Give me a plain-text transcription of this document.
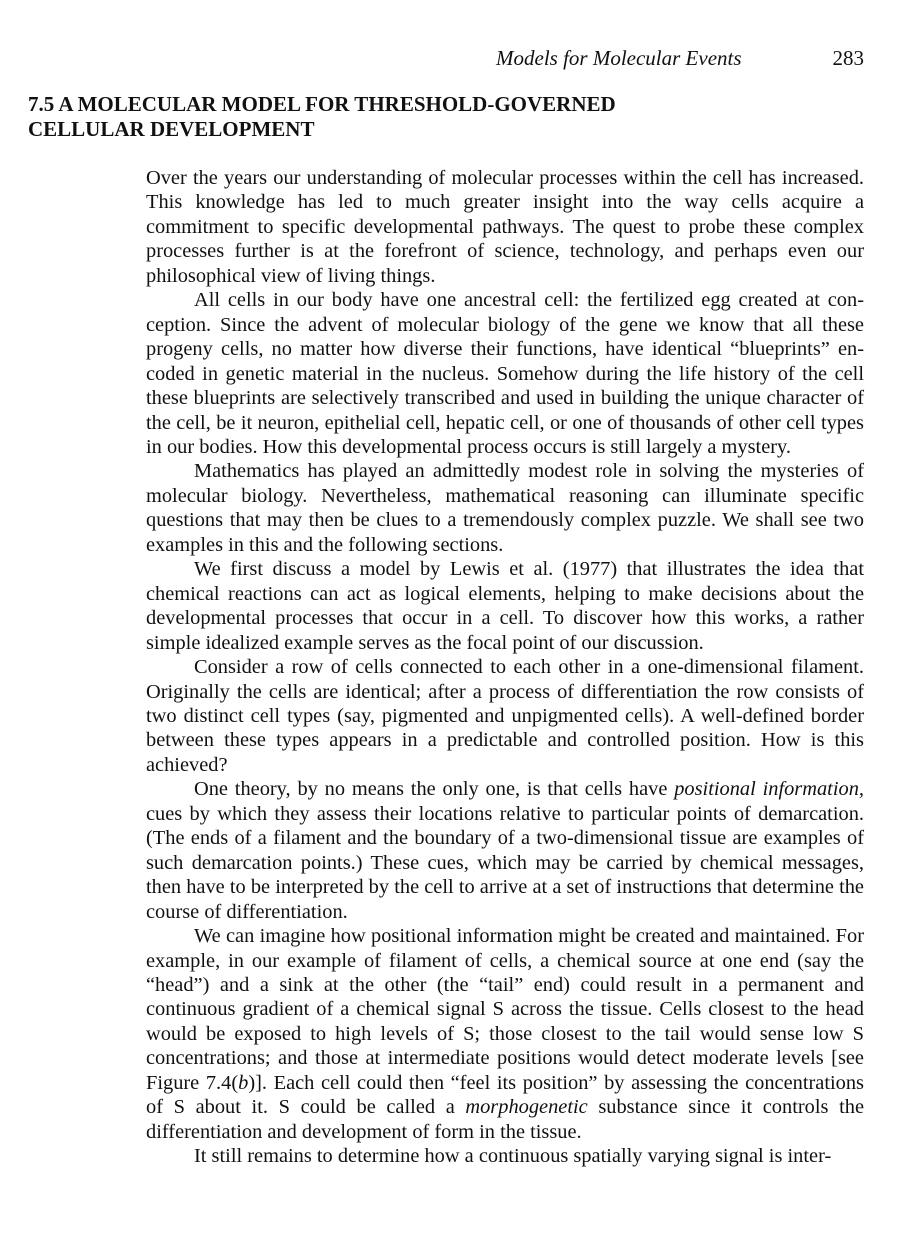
Models for Molecular Events	283
7.5 A MOLECULAR MODEL FOR THRESHOLD-GOVERNED
CELLULAR DEVELOPMENT

Over the years our understanding of molecular processes within the cell has increased. This knowledge has led to much greater insight into the way cells acquire a commitment to specific developmental pathways. The quest to probe these complex processes further is at the forefront of science, technology, and perhaps even our philosophical view of living things.

All cells in our body have one ancestral cell: the fertilized egg created at conception. Since the advent of molecular biology of the gene we know that all these progeny cells, no matter how diverse their functions, have identical “blueprints” encoded in genetic material in the nucleus. Somehow during the life history of the cell these blueprints are selectively transcribed and used in building the unique character of the cell, be it neuron, epithelial cell, hepatic cell, or one of thousands of other cell types in our bodies. How this developmental process occurs is still largely a mystery.

Mathematics has played an admittedly modest role in solving the mysteries of molecular biology. Nevertheless, mathematical reasoning can illuminate specific questions that may then be clues to a tremendously complex puzzle. We shall see two examples in this and the following sections.

We first discuss a model by Lewis et al. (1977) that illustrates the idea that chemical reactions can act as logical elements, helping to make decisions about the developmental processes that occur in a cell. To discover how this works, a rather simple idealized example serves as the focal point of our discussion.

Consider a row of cells connected to each other in a one-dimensional filament. Originally the cells are identical; after a process of differentiation the row consists of two distinct cell types (say, pigmented and unpigmented cells). A well-defined border between these types appears in a predictable and controlled position. How is this achieved?

One theory, by no means the only one, is that cells have positional information, cues by which they assess their locations relative to particular points of demarcation. (The ends of a filament and the boundary of a two-dimensional tissue are examples of such demarcation points.) These cues, which may be carried by chemical messages, then have to be interpreted by the cell to arrive at a set of instructions that determine the course of differentiation.

We can imagine how positional information might be created and maintained. For example, in our example of filament of cells, a chemical source at one end (say the “head”) and a sink at the other (the “tail” end) could result in a permanent and continuous gradient of a chemical signal S across the tissue. Cells closest to the head would be exposed to high levels of S; those closest to the tail would sense low S concentrations; and those at intermediate positions would detect moderate levels [see Figure 7.4(b)]. Each cell could then “feel its position” by assessing the concentrations of S about it. S could be called a morphogenetic substance since it controls the differentiation and development of form in the tissue.

It still remains to determine how a continuous spatially varying signal is inter-
